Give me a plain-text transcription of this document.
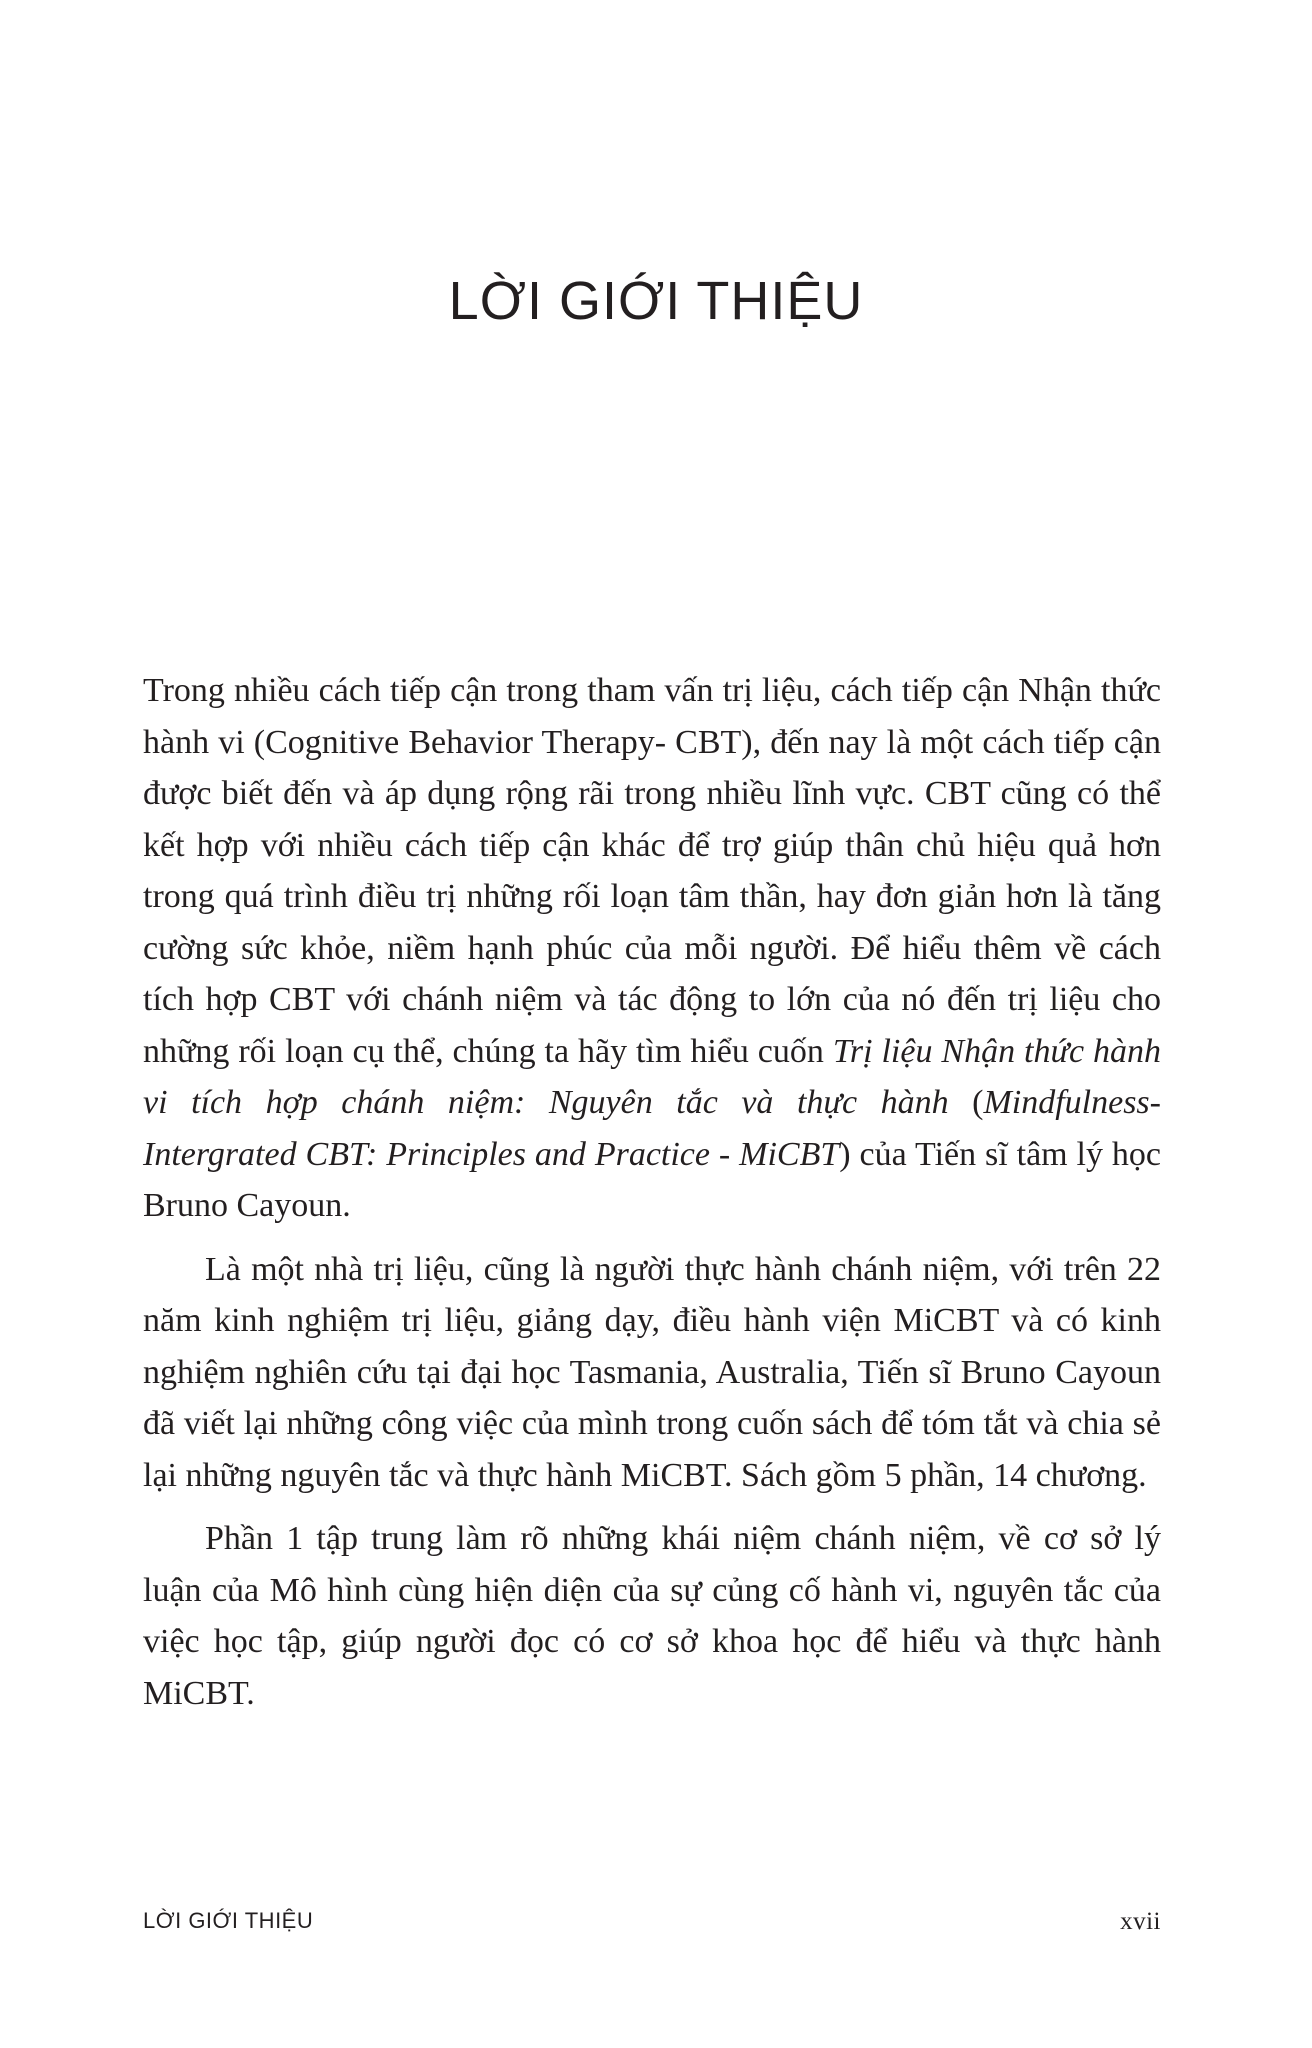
LỜI GIỚI THIỆU

Trong nhiều cách tiếp cận trong tham vấn trị liệu, cách tiếp cận Nhận thức hành vi (Cognitive Behavior Therapy- CBT), đến nay là một cách tiếp cận được biết đến và áp dụng rộng rãi trong nhiều lĩnh vực. CBT cũng có thể kết hợp với nhiều cách tiếp cận khác để trợ giúp thân chủ hiệu quả hơn trong quá trình điều trị những rối loạn tâm thần, hay đơn giản hơn là tăng cường sức khỏe, niềm hạnh phúc của mỗi người. Để hiểu thêm về cách tích hợp CBT với chánh niệm và tác động to lớn của nó đến trị liệu cho những rối loạn cụ thể, chúng ta hãy tìm hiểu cuốn Trị liệu Nhận thức hành vi tích hợp chánh niệm: Nguyên tắc và thực hành (Mindfulness-Intergrated CBT: Principles and Practice - MiCBT) của Tiến sĩ tâm lý học Bruno Cayoun.

Là một nhà trị liệu, cũng là người thực hành chánh niệm, với trên 22 năm kinh nghiệm trị liệu, giảng dạy, điều hành viện MiCBT và có kinh nghiệm nghiên cứu tại đại học Tasmania, Australia, Tiến sĩ Bruno Cayoun đã viết lại những công việc của mình trong cuốn sách để tóm tắt và chia sẻ lại những nguyên tắc và thực hành MiCBT. Sách gồm 5 phần, 14 chương.

Phần 1 tập trung làm rõ những khái niệm chánh niệm, về cơ sở lý luận của Mô hình cùng hiện diện của sự củng cố hành vi, nguyên tắc của việc học tập, giúp người đọc có cơ sở khoa học để hiểu và thực hành MiCBT.

LỜI GIỚI THIỆU	xvii
